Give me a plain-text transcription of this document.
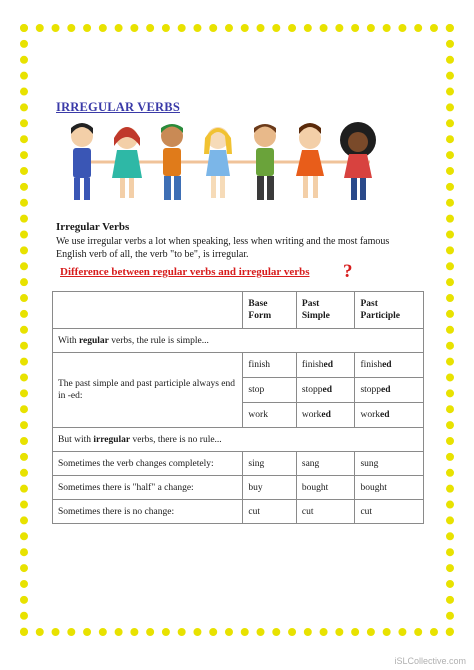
IRREGULAR VERBS
Irregular Verbs
We use irregular verbs a lot when speaking, less when writing and the most famous English verb of all, the verb "to be", is irregular.
Difference between regular verbs and irregular verbs ?
	Base Form	Past Simple	Past Participle
With regular verbs, the rule is simple...			
The past simple and past participle always end in -ed:	finish	finished	finished
	stop	stopped	stopped
	work	worked	worked
But with irregular verbs, there is no rule...			
Sometimes the verb changes completely:	sing	sang	sung
Sometimes there is "half" a change:	buy	bought	bought
Sometimes there is no change:	cut	cut	cut
iSLCollective.com
